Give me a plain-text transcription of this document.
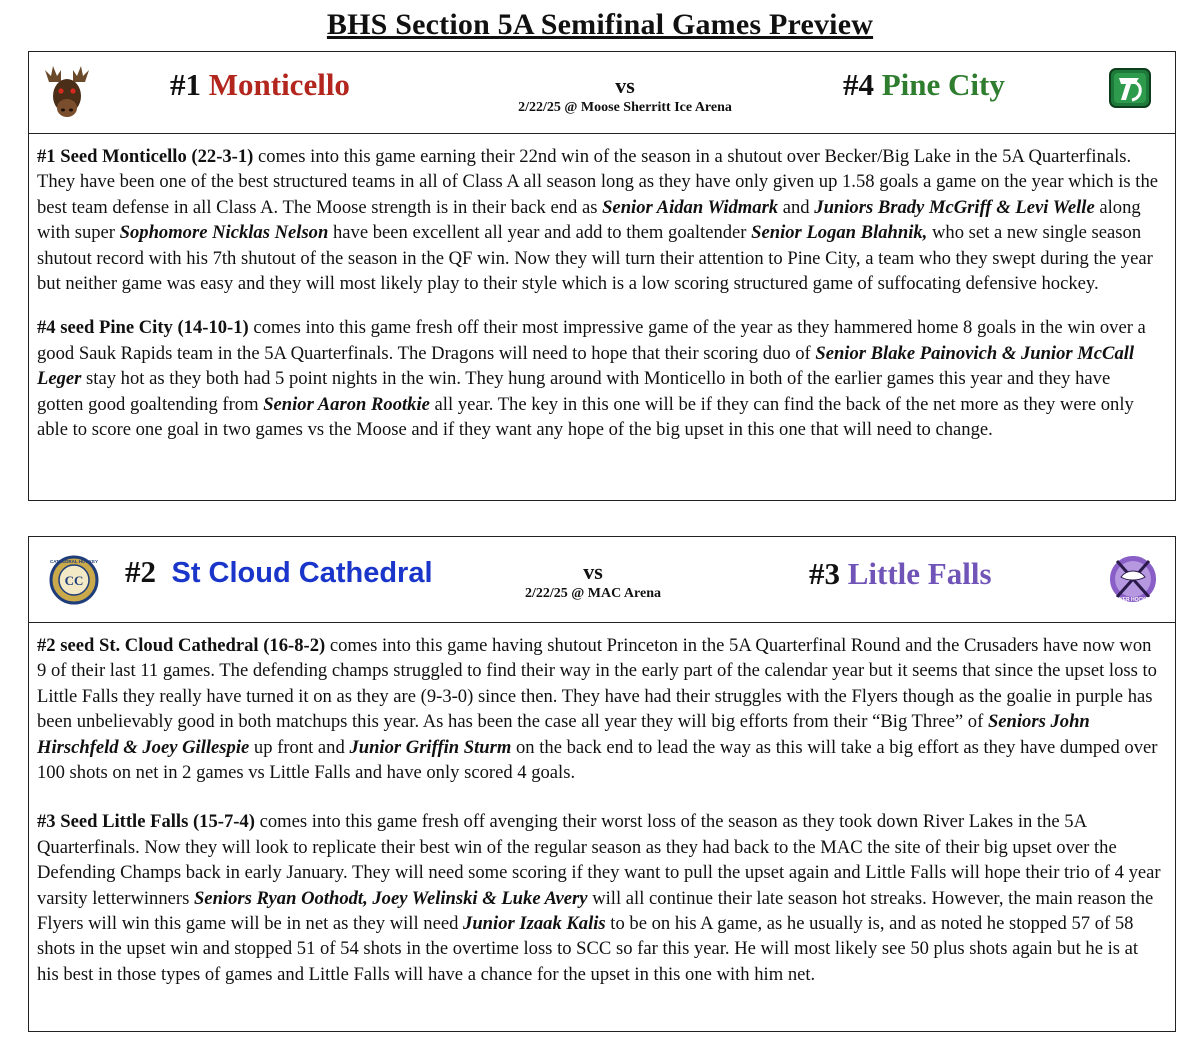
BHS Section 5A Semifinal Games Preview
#1 Monticello	vs
2/22/25 @ Moose Sherritt Ice Arena
#4 Pine City

#1 Seed Monticello (22-3-1) comes into this game earning their 22nd win of the season in a shutout over Becker/Big Lake in the 5A Quarterfinals. They have been one of the best structured teams in all of Class A all season long as they have only given up 1.58 goals a game on the year which is the best team defense in all Class A. The Moose strength is in their back end as Senior Aidan Widmark and Juniors Brady McGriff & Levi Welle along with super Sophomore Nicklas Nelson have been excellent all year and add to them goaltender Senior Logan Blahnik, who set a new single season shutout record with his 7th shutout of the season in the QF win. Now they will turn their attention to Pine City, a team who they swept during the year but neither game was easy and they will most likely play to their style which is a low scoring structured game of suffocating defensive hockey.

#4 seed Pine City (14-10-1) comes into this game fresh off their most impressive game of the year as they hammered home 8 goals in the win over a good Sauk Rapids team in the 5A Quarterfinals. The Dragons will need to hope that their scoring duo of Senior Blake Painovich & Junior McCall Leger stay hot as they both had 5 point nights in the win. They hung around with Monticello in both of the earlier games this year and they have gotten good goaltending from Senior Aaron Rootkie all year. The key in this one will be if they can find the back of the net more as they were only able to score one goal in two games vs the Moose and if they want any hope of the big upset in this one that will need to change.

CC
CATHEDRAL HOCKEY #2 St Cloud Cathedral	vs
2/22/25 @ MAC Arena
#3 Little Falls
FLYER HOCKEY

#2 seed St. Cloud Cathedral (16-8-2) comes into this game having shutout Princeton in the 5A Quarterfinal Round and the Crusaders have now won 9 of their last 11 games. The defending champs struggled to find their way in the early part of the calendar year but it seems that since the upset loss to Little Falls they really have turned it on as they are (9-3-0) since then. They have had their struggles with the Flyers though as the goalie in purple has been unbelievably good in both matchups this year. As has been the case all year they will big efforts from their “Big Three” of Seniors John Hirschfeld & Joey Gillespie up front and Junior Griffin Sturm on the back end to lead the way as this will take a big effort as they have dumped over 100 shots on net in 2 games vs Little Falls and have only scored 4 goals.

#3 Seed Little Falls (15-7-4) comes into this game fresh off avenging their worst loss of the season as they took down River Lakes in the 5A Quarterfinals. Now they will look to replicate their best win of the regular season as they had back to the MAC the site of their big upset over the Defending Champs back in early January. They will need some scoring if they want to pull the upset again and Little Falls will hope their trio of 4 year varsity letterwinners Seniors Ryan Oothodt, Joey Welinski & Luke Avery will all continue their late season hot streaks. However, the main reason the Flyers will win this game will be in net as they will need Junior Izaak Kalis to be on his A game, as he usually is, and as noted he stopped 57 of 58 shots in the upset win and stopped 51 of 54 shots in the overtime loss to SCC so far this year. He will most likely see 50 plus shots again but he is at his best in those types of games and Little Falls will have a chance for the upset in this one with him net.
